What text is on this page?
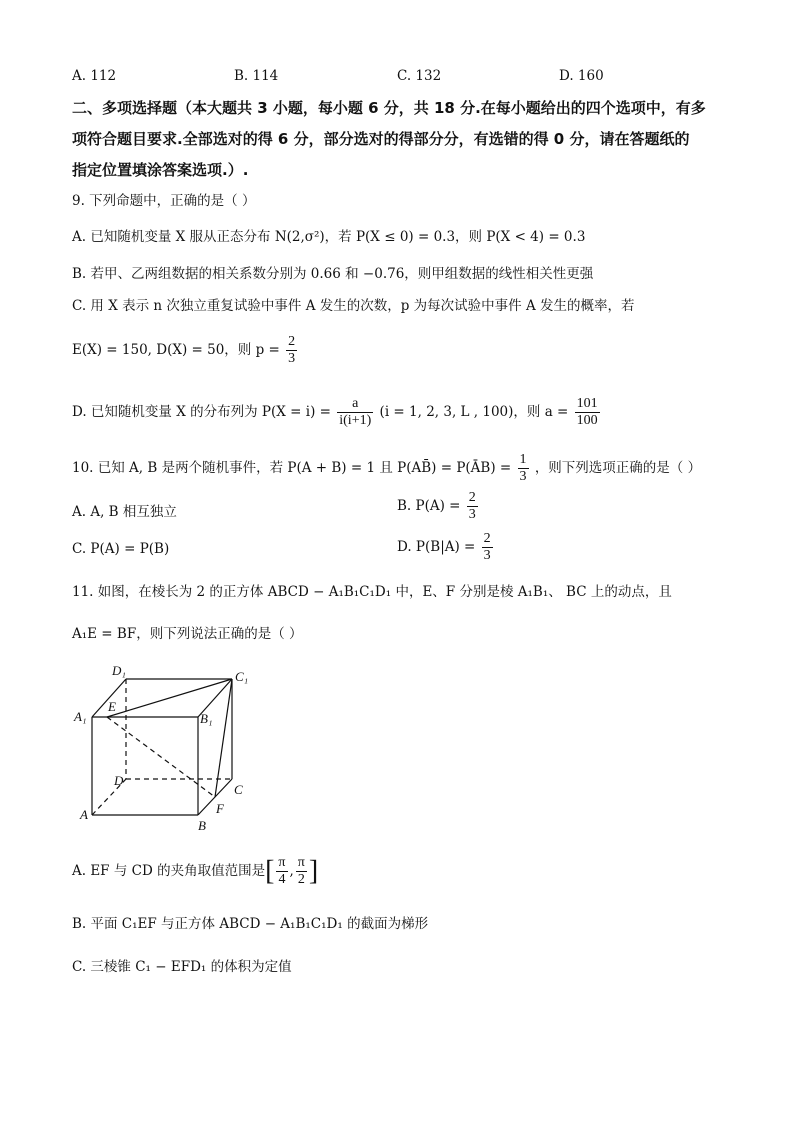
A. 112	B. 114	C. 132	D. 160
二、多项选择题（本大题共 3 小题，每小题 6 分，共 18 分.在每小题给出的四个选项中，有多
项符合题目要求.全部选对的得 6 分，部分选对的得部分分，有选错的得 0 分，请在答题纸的
指定位置填涂答案选项.）.
9. 下列命题中，正确的是（ ）
A. 已知随机变量 X 服从正态分布 N(2,σ²)，若 P(X ≤ 0) = 0.3，则 P(X < 4) = 0.3
B. 若甲、乙两组数据的相关系数分别为 0.66 和 −0.76，则甲组数据的线性相关性更强
C. 用 X 表示 n 次独立重复试验中事件 A 发生的次数，p 为每次试验中事件 A 发生的概率，若
E(X) = 150, D(X) = 50，则 $p = \frac{2}{3}$
D. 已知随机变量 X 的分布列为 $P(X = i) = \frac{a}{i(i+1)} (i = 1$, 2, 3, L , 100)，则 $a = \frac{101}{100}$
10. 已知 A, B 是两个随机事件，若 P(A + B) = 1 且 P(AB̄) = P(ĀB) = $\frac{1}{3}$ ，则下列选项正确的是（ ）
A. A, B 相互独立	B. $P(A) = \frac{2}{3}$
C. P(A) = P(B)	D. $P(B|A) = \frac{2}{3}$
11. 如图，在棱长为 2 的正方体 ABCD − A₁B₁C₁D₁ 中，E、F 分别是棱 A₁B₁、 BC 上的动点，且
A₁E = BF，则下列说法正确的是（ ）
D₁	C₁
A₁
E
B₁
D
C
F
A
B
A. EF 与 CD 的夹角取值范围是[ $\frac{\pi}{4}$ , $\frac{\pi}{2}$ ]
B. 平面 C₁EF 与正方体 ABCD − A₁B₁C₁D₁ 的截面为梯形
C. 三棱锥 C₁ − EFD₁ 的体积为定值
